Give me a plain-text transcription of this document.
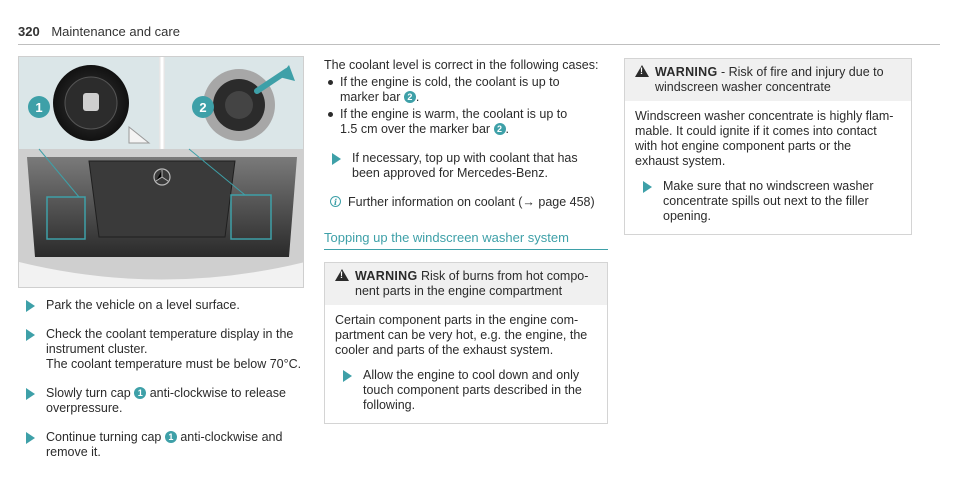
320 Maintenance and care
1	2
Park the vehicle on a level surface.
Check the coolant temperature display in the
instrument cluster.
The coolant temperature must be below 70°C.
Slowly turn cap 1 anti-clockwise to release
overpressure.
Continue turning cap 1 anti-clockwise and
remove it.
The coolant level is correct in the following cases:
If the engine is cold, the coolant is up to
marker bar 2 .
If the engine is warm, the coolant is up to
1.5 cm over the marker bar 2 .
If necessary, top up with coolant that has
been approved for Mercedes-Benz.
i Further information on coolant (→ page 458)
Topping up the windscreen washer system
!
WARNING Risk of burns from hot compo-
nent parts in the engine compartment

Certain component parts in the engine com-
partment can be very hot, e.g. the engine, the
cooler and parts of the exhaust system.

Allow the engine to cool down and only
touch component parts described in the
following.
!
WARNING - Risk of fire and injury due to
windscreen washer concentrate

Windscreen washer concentrate is highly flam-
mable. It could ignite if it comes into contact
with hot engine component parts or the
exhaust system.

Make sure that no windscreen washer
concentrate spills out next to the filler
opening.
